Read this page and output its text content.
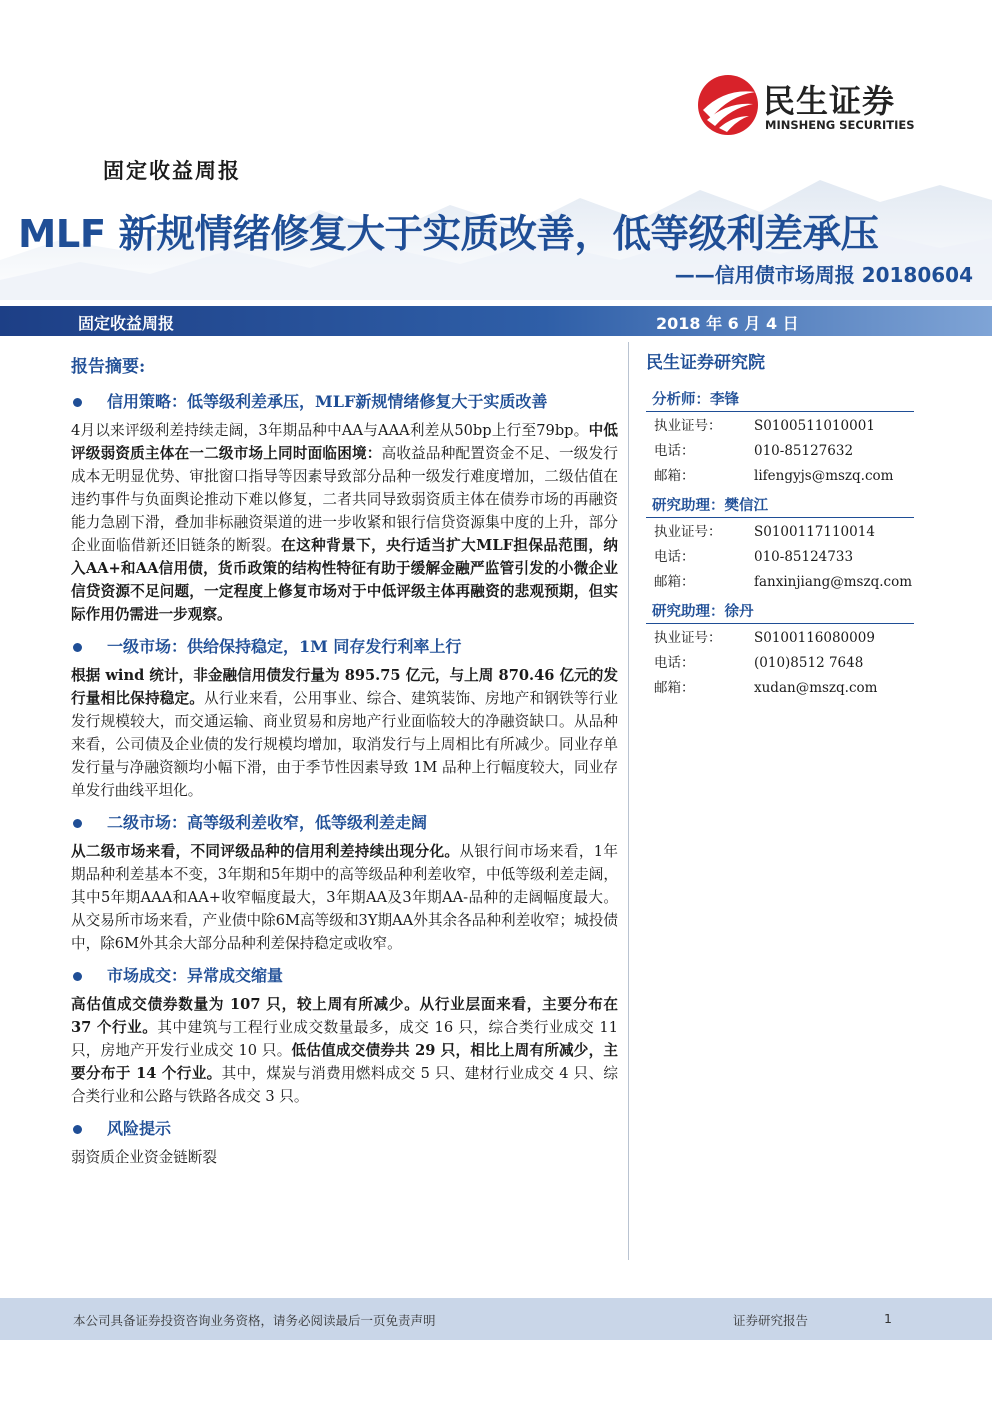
民生证券
MINSHENG SECURITIES
固定收益周报
MLF 新规情绪修复大于实质改善，低等级利差承压
——信用债市场周报 20180604
固定收益周报	2018 年 6 月 4 日
报告摘要:
信用策略：低等级利差承压，MLF新规情绪修复大于实质改善

4月以来评级利差持续走阔，3年期品种中AA与AAA利差从50bp上行至79bp。中低评级弱资质主体在一二级市场上同时面临困境：高收益品种配置资金不足、一级发行成本无明显优势、审批窗口指导等因素导致部分品种一级发行难度增加，二级估值在违约事件与负面舆论推动下难以修复，二者共同导致弱资质主体在债券市场的再融资能力急剧下滑，叠加非标融资渠道的进一步收紧和银行信贷资源集中度的上升，部分企业面临借新还旧链条的断裂。在这种背景下，央行适当扩大MLF担保品范围，纳入AA+和AA信用债，货币政策的结构性特征有助于缓解金融严监管引发的小微企业信贷资源不足问题，一定程度上修复市场对于中低评级主体再融资的悲观预期，但实际作用仍需进一步观察。

一级市场：供给保持稳定，1M 同存发行利率上行

根据 wind 统计，非金融信用债发行量为 895.75 亿元，与上周 870.46 亿元的发行量相比保持稳定。从行业来看，公用事业、综合、建筑装饰、房地产和钢铁等行业发行规模较大，而交通运输、商业贸易和房地产行业面临较大的净融资缺口。从品种来看，公司债及企业债的发行规模均增加，取消发行与上周相比有所减少。同业存单发行量与净融资额均小幅下滑，由于季节性因素导致 1M 品种上行幅度较大，同业存单发行曲线平坦化。

二级市场：高等级利差收窄，低等级利差走阔

从二级市场来看，不同评级品种的信用利差持续出现分化。从银行间市场来看，1年期品种利差基本不变，3年期和5年期中的高等级品种利差收窄，中低等级利差走阔，其中5年期AAA和AA+收窄幅度最大，3年期AA及3年期AA-品种的走阔幅度最大。从交易所市场来看，产业债中除6M高等级和3Y期AA外其余各品种利差收窄；城投债中，除6M外其余大部分品种利差保持稳定或收窄。

市场成交：异常成交缩量

高估值成交债券数量为 107 只，较上周有所减少。从行业层面来看，主要分布在 37 个行业。其中建筑与工程行业成交数量最多，成交 16 只，综合类行业成交 11 只，房地产开发行业成交 10 只。低估值成交债券共 29 只，相比上周有所减少，主要分布于 14 个行业。其中，煤炭与消费用燃料成交 5 只、建材行业成交 4 只、综合类行业和公路与铁路各成交 3 只。

风险提示

弱资质企业资金链断裂

民生证券研究院
分析师：李锋
执业证号：	S0100511010001
电话：	010-85127632
邮箱：	lifengyjs@mszq.com
研究助理：樊信江
执业证号：	S0100117110014
电话：	010-85124733
邮箱：	fanxinjiang@mszq.com
研究助理：徐丹
执业证号：	S0100116080009
电话：	(010)8512 7648
邮箱：	xudan@mszq.com
本公司具备证券投资咨询业务资格，请务必阅读最后一页免责声明	证券研究报告	1
